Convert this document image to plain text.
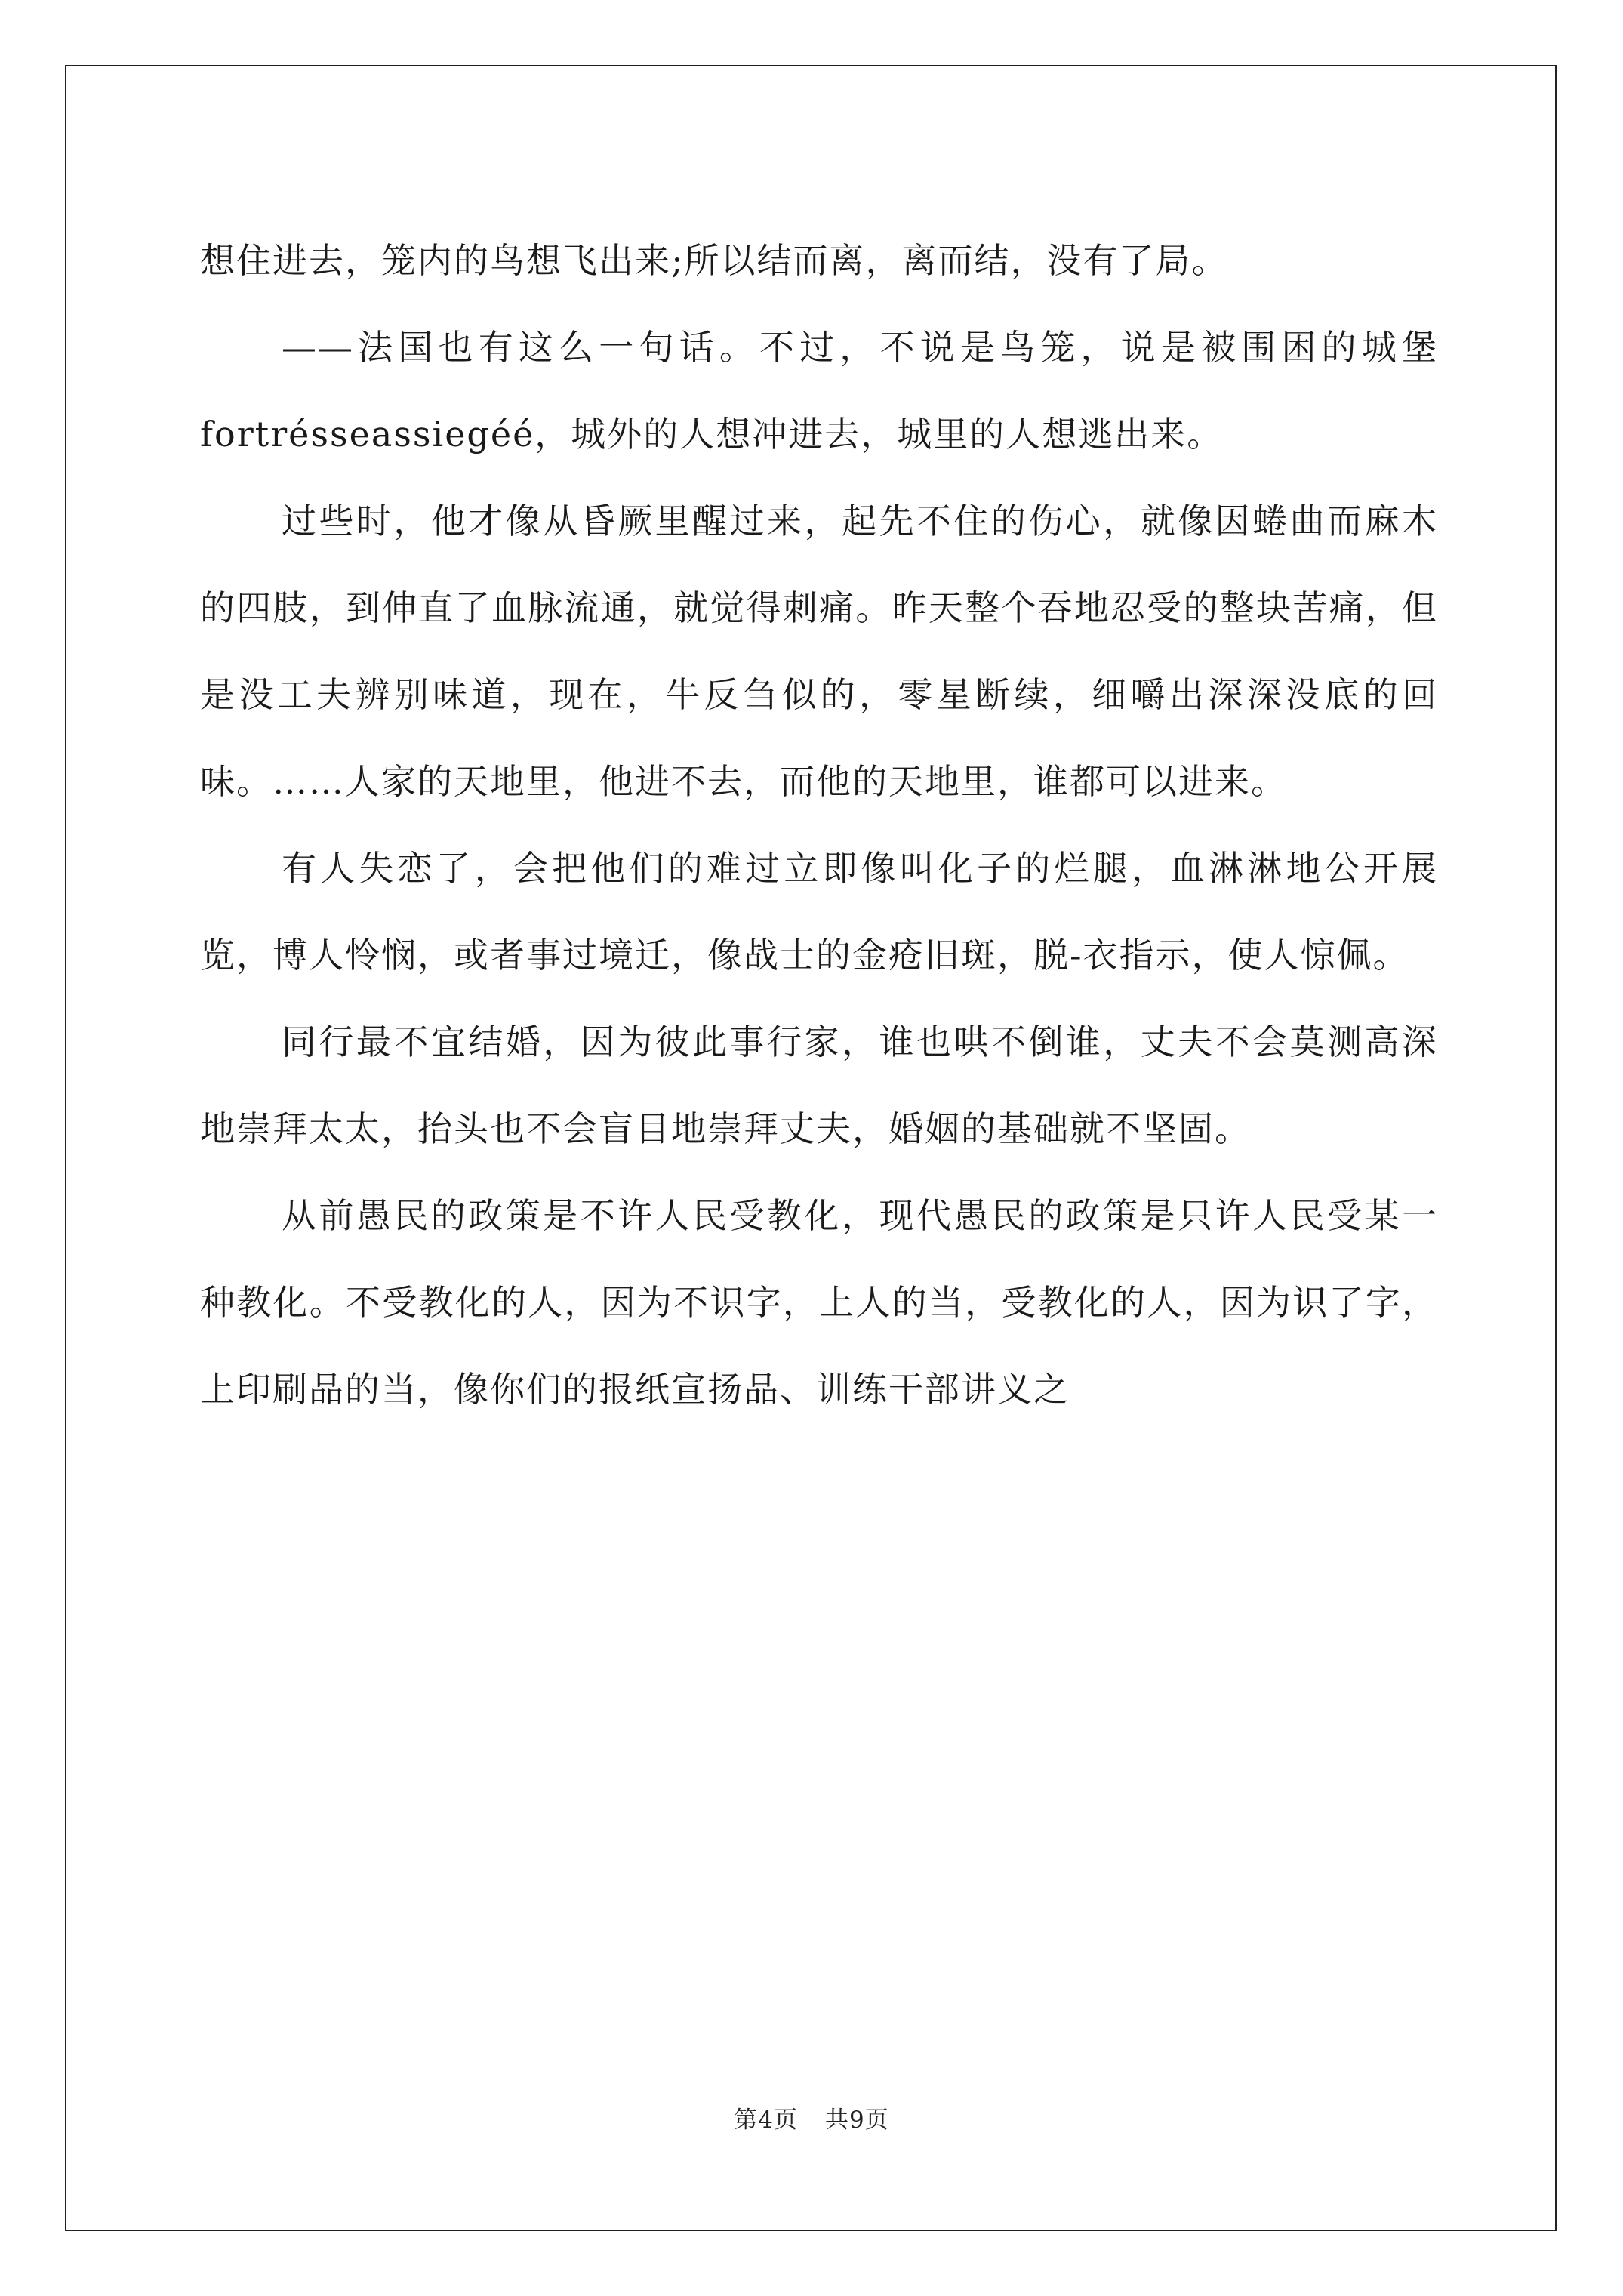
想住进去，笼内的鸟想飞出来;所以结而离，离而结，没有了局。

——法国也有这么一句话。不过，不说是鸟笼，说是被围困的城堡 fortrésseassiegéé，城外的人想冲进去，城里的人想逃出来。

过些时，他才像从昏厥里醒过来，起先不住的伤心，就像因蜷曲而麻木的四肢，到伸直了血脉流通，就觉得刺痛。昨天整个吞地忍受的整块苦痛，但是没工夫辨别味道，现在，牛反刍似的，零星断续，细嚼出深深没底的回味。……人家的天地里，他进不去，而他的天地里，谁都可以进来。

有人失恋了，会把他们的难过立即像叫化子的烂腿，血淋淋地公开展览，博人怜悯，或者事过境迁，像战士的金疮旧斑，脱-衣指示，使人惊佩。

同行最不宜结婚，因为彼此事行家，谁也哄不倒谁，丈夫不会莫测高深地崇拜太太，抬头也不会盲目地崇拜丈夫，婚姻的基础就不坚固。

从前愚民的政策是不许人民受教化，现代愚民的政策是只许人民受某一种教化。不受教化的人，因为不识字，上人的当，受教化的人，因为识了字，上印刷品的当，像你们的报纸宣扬品、训练干部讲义之

第4页 共9页
